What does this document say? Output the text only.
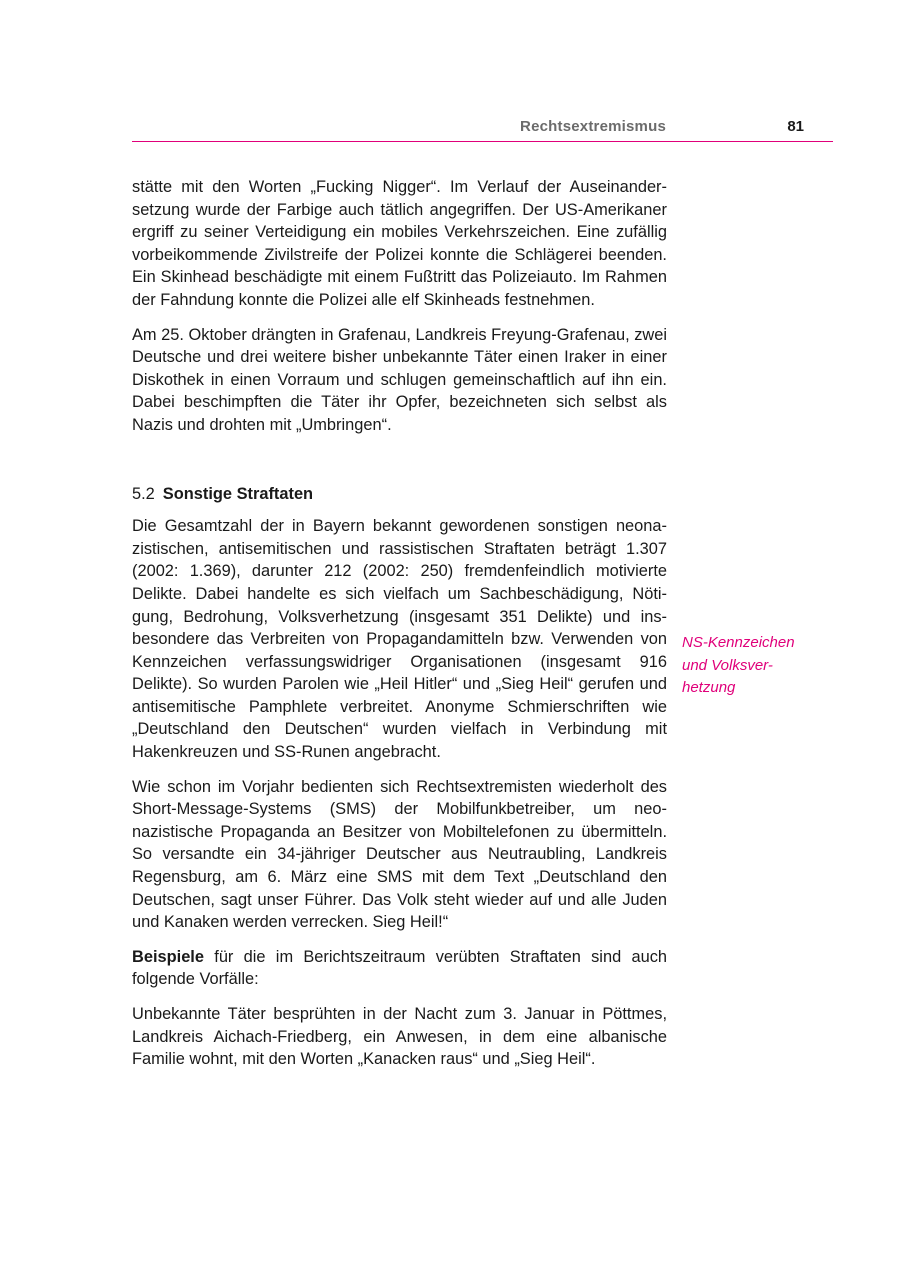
Rechtsextremismus	81

stätte mit den Worten „Fucking Nigger“. Im Verlauf der Auseinandersetzung wurde der Farbige auch tätlich angegriffen. Der US-Amerikaner ergriff zu seiner Verteidigung ein mobiles Verkehrszeichen. Eine zufällig vorbeikommende Zivilstreife der Polizei konnte die Schlägerei beenden. Ein Skinhead beschädigte mit einem Fußtritt das Polizeiauto. Im Rahmen der Fahndung konnte die Polizei alle elf Skinheads festnehmen.

Am 25. Oktober drängten in Grafenau, Landkreis Freyung-Grafenau, zwei Deutsche und drei weitere bisher unbekannte Täter einen Iraker in einer Diskothek in einen Vorraum und schlugen gemeinschaftlich auf ihn ein. Dabei beschimpften die Täter ihr Opfer, bezeichneten sich selbst als Nazis und drohten mit „Umbringen“.

5.2 Sonstige Straftaten

Die Gesamtzahl der in Bayern bekannt gewordenen sonstigen neonazistischen, antisemitischen und rassistischen Straftaten beträgt 1.307 (2002: 1.369), darunter 212 (2002: 250) fremdenfeindlich motivierte Delikte. Dabei handelte es sich vielfach um Sachbeschädigung, Nötigung, Bedrohung, Volksverhetzung (insgesamt 351 Delikte) und insbesondere das Verbreiten von Propagandamitteln bzw. Verwenden von Kennzeichen verfassungswidriger Organisationen (insgesamt 916 Delikte). So wurden Parolen wie „Heil Hitler“ und „Sieg Heil“ gerufen und antisemitische Pamphlete verbreitet. Anonyme Schmierschriften wie „Deutschland den Deutschen“ wurden vielfach in Verbindung mit Hakenkreuzen und SS-Runen angebracht.

Wie schon im Vorjahr bedienten sich Rechtsextremisten wiederholt des Short-Message-Systems (SMS) der Mobilfunkbetreiber, um neonazistische Propaganda an Besitzer von Mobiltelefonen zu übermitteln. So versandte ein 34-jähriger Deutscher aus Neutraubling, Landkreis Regensburg, am 6. März eine SMS mit dem Text „Deutschland den Deutschen, sagt unser Führer. Das Volk steht wieder auf und alle Juden und Kanaken werden verrecken. Sieg Heil!“

Beispiele für die im Berichtszeitraum verübten Straftaten sind auch folgende Vorfälle:

Unbekannte Täter besprühten in der Nacht zum 3. Januar in Pöttmes, Landkreis Aichach-Friedberg, ein Anwesen, in dem eine albanische Familie wohnt, mit den Worten „Kanacken raus“ und „Sieg Heil“.

NS-Kennzeichen
und Volksver-
hetzung
